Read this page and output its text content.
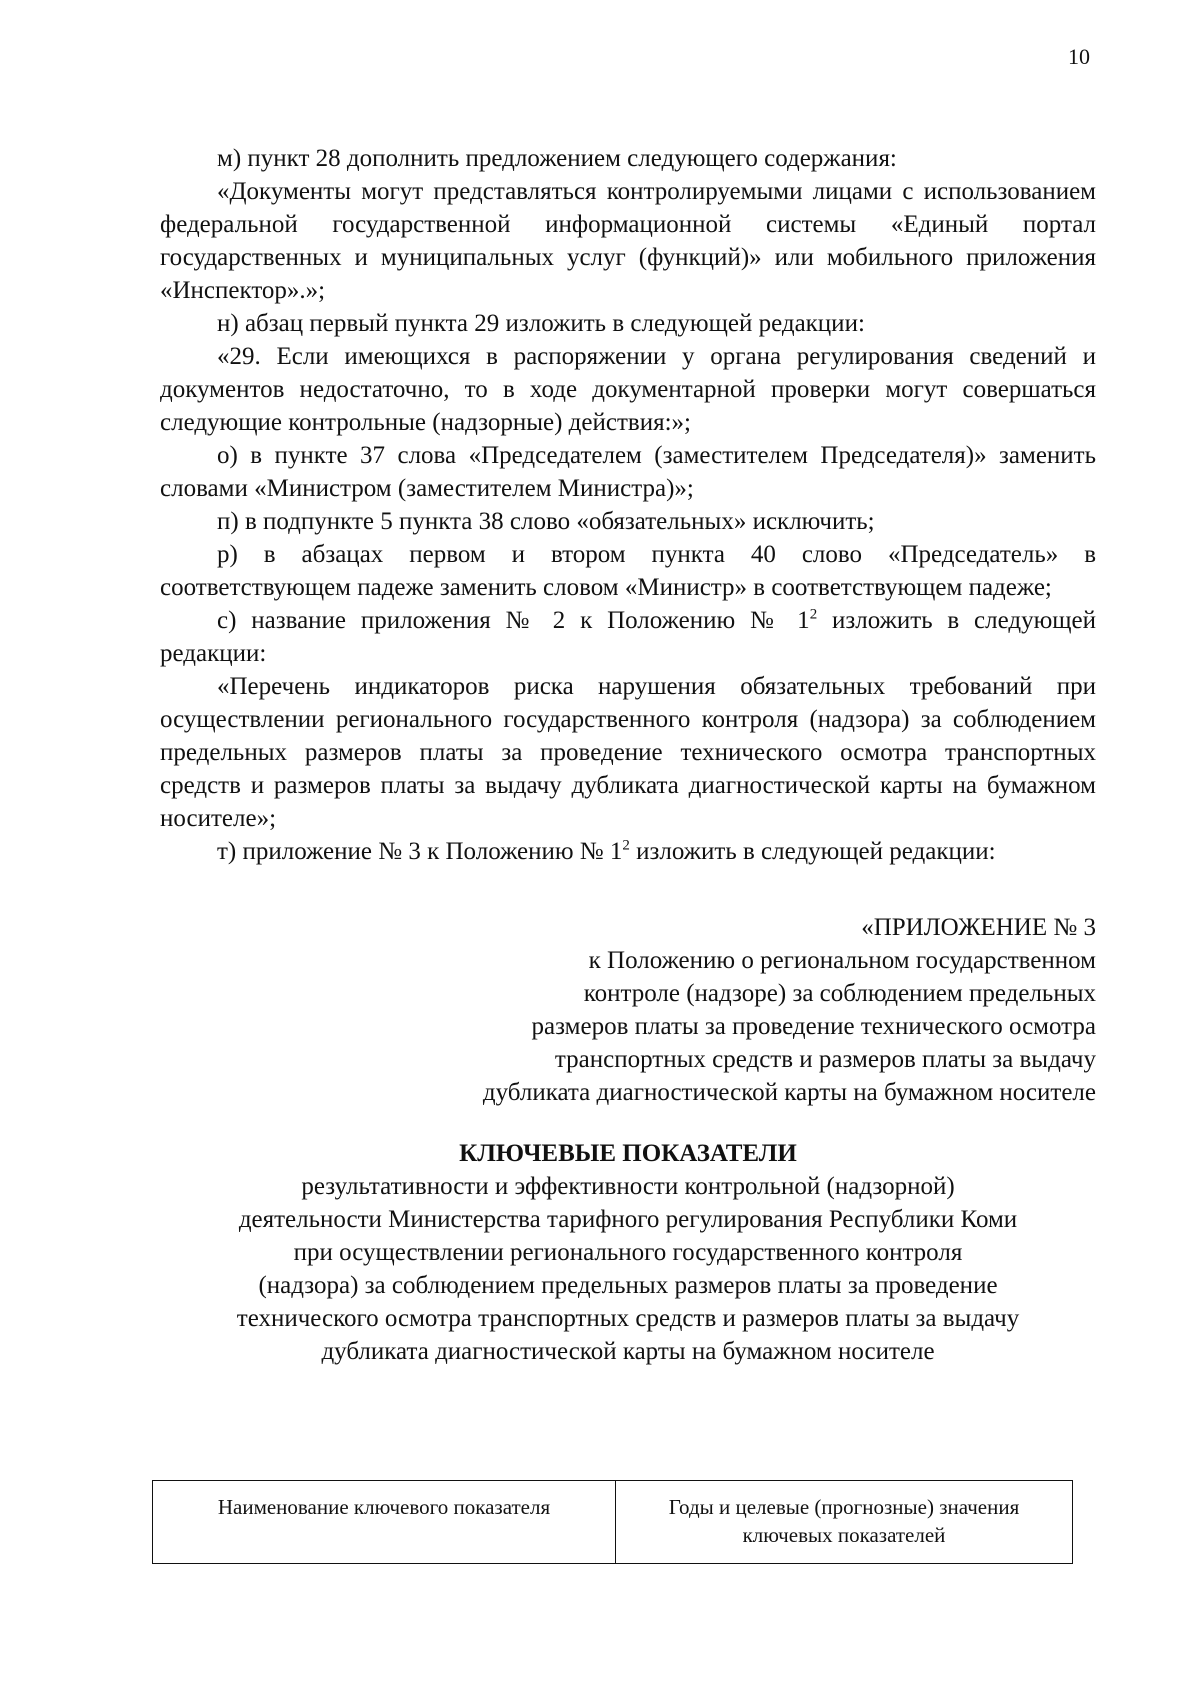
10

м) пункт 28 дополнить предложением следующего содержания:

«Документы могут представляться контролируемыми лицами с использованием федеральной государственной информационной системы «Единый портал государственных и муниципальных услуг (функций)» или мобильного приложения «Инспектор».»;

н) абзац первый пункта 29 изложить в следующей редакции:

«29. Если имеющихся в распоряжении у органа регулирования сведений и документов недостаточно, то в ходе документарной проверки могут совершаться следующие контрольные (надзорные) действия:»;

о) в пункте 37 слова «Председателем (заместителем Председателя)» заменить словами «Министром (заместителем Министра)»;

п) в подпункте 5 пункта 38 слово «обязательных» исключить;

р) в абзацах первом и втором пункта 40 слово «Председатель» в соответствующем падеже заменить словом «Министр» в соответствующем падеже;

с) название приложения № 2 к Положению № $1^2$ изложить в следующей редакции:

«Перечень индикаторов риска нарушения обязательных требований при осуществлении регионального государственного контроля (надзора) за соблюдением предельных размеров платы за проведение технического осмотра транспортных средств и размеров платы за выдачу дубликата диагностической карты на бумажном носителе»;

т) приложение № 3 к Положению № $1^2$ изложить в следующей редакции:

«ПРИЛОЖЕНИЕ № 3
к Положению о региональном государственном
контроле (надзоре) за соблюдением предельных
размеров платы за проведение технического осмотра
транспортных средств и размеров платы за выдачу
дубликата диагностической карты на бумажном носителе
КЛЮЧЕВЫЕ ПОКАЗАТЕЛИ
результативности и эффективности контрольной (надзорной)
деятельности Министерства тарифного регулирования Республики Коми
при осуществлении регионального государственного контроля
(надзора) за соблюдением предельных размеров платы за проведение
технического осмотра транспортных средств и размеров платы за выдачу
дубликата диагностической карты на бумажном носителе
Наименование ключевого показателя	Годы и целевые (прогнозные) значения ключевых показателей
